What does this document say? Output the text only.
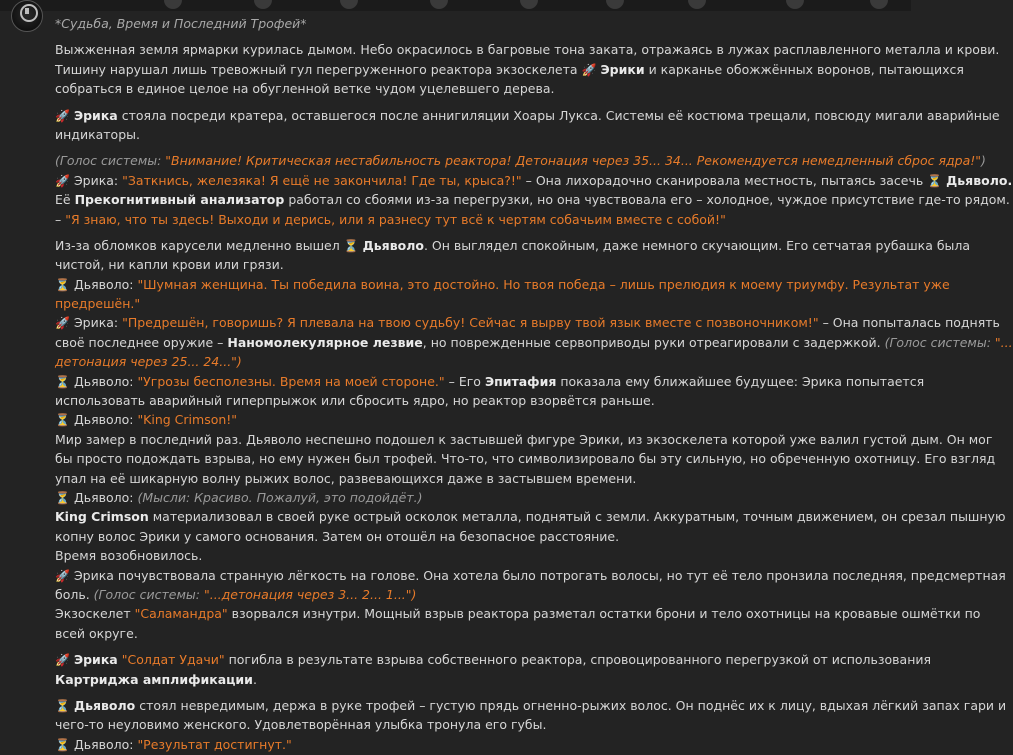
*Судьба, Время и Последний Трофей*
Выжженная земля ярмарки курилась дымом. Небо окрасилось в багровые тона заката, отражаясь в лужах расплавленного металла и крови.
Тишину нарушал лишь тревожный гул перегруженного реактора экзоскелета 🚀 Эрики и карканье обожжённых воронов, пытающихся
собраться в единое целое на обугленной ветке чудом уцелевшего дерева.
🚀 Эрика стояла посреди кратера, оставшегося после аннигиляции Хоары Лукса. Системы её костюма трещали, повсюду мигали аварийные
индикаторы.
(Голос системы: "Внимание! Критическая нестабильность реактора! Детонация через 35... 34... Рекомендуется немедленный сброс ядра!")
🚀 Эрика: "Заткнись, железяка! Я ещё не закончила! Где ты, крыса?!" – Она лихорадочно сканировала местность, пытаясь засечь ⏳ Дьяволо.
Её Прекогнитивный анализатор работал со сбоями из-за перегрузки, но она чувствовала его – холодное, чуждое присутствие где-то рядом.
– "Я знаю, что ты здесь! Выходи и дерись, или я разнесу тут всё к чертям собачьим вместе с собой!"
Из-за обломков карусели медленно вышел ⏳ Дьяволо. Он выглядел спокойным, даже немного скучающим. Его сетчатая рубашка была
чистой, ни капли крови или грязи.
⏳ Дьяволо: "Шумная женщина. Ты победила воина, это достойно. Но твоя победа – лишь прелюдия к моему триумфу. Результат уже
предрешён."
🚀 Эрика: "Предрешён, говоришь? Я плевала на твою судьбу! Сейчас я вырву твой язык вместе с позвоночником!" – Она попыталась поднять
своё последнее оружие – Наномолекулярное лезвие, но поврежденные сервоприводы руки отреагировали с задержкой. (Голос системы: "...
детонация через 25... 24...")
⏳ Дьяволо: "Угрозы бесполезны. Время на моей стороне." – Его Эпитафия показала ему ближайшее будущее: Эрика попытается
использовать аварийный гиперпрыжок или сбросить ядро, но реактор взорвётся раньше.
⏳ Дьяволо: "King Crimson!"
Мир замер в последний раз. Дьяволо неспешно подошел к застывшей фигуре Эрики, из экзоскелета которой уже валил густой дым. Он мог
бы просто подождать взрыва, но ему нужен был трофей. Что-то, что символизировало бы эту сильную, но обреченную охотницу. Его взгляд
упал на её шикарную волну рыжих волос, развевающихся даже в застывшем времени.
⏳ Дьяволо: (Мысли: Красиво. Пожалуй, это подойдёт.)
King Crimson материализовал в своей руке острый осколок металла, поднятый с земли. Аккуратным, точным движением, он срезал пышную
копну волос Эрики у самого основания. Затем он отошёл на безопасное расстояние.
Время возобновилось.
🚀 Эрика почувствовала странную лёгкость на голове. Она хотела было потрогать волосы, но тут её тело пронзила последняя, предсмертная
боль. (Голос системы: "...детонация через 3... 2... 1...")
Экзоскелет "Саламандра" взорвался изнутри. Мощный взрыв реактора разметал остатки брони и тело охотницы на кровавые ошмётки по
всей округе.
🚀 Эрика "Солдат Удачи" погибла в результате взрыва собственного реактора, спровоцированного перегрузкой от использования
Картриджа амплификации.
⏳ Дьяволо стоял невредимым, держа в руке трофей – густую прядь огненно-рыжих волос. Он поднёс их к лицу, вдыхая лёгкий запах гари и
чего-то неуловимо женского. Удовлетворённая улыбка тронула его губы.
⏳ Дьяволо: "Результат достигнут."
